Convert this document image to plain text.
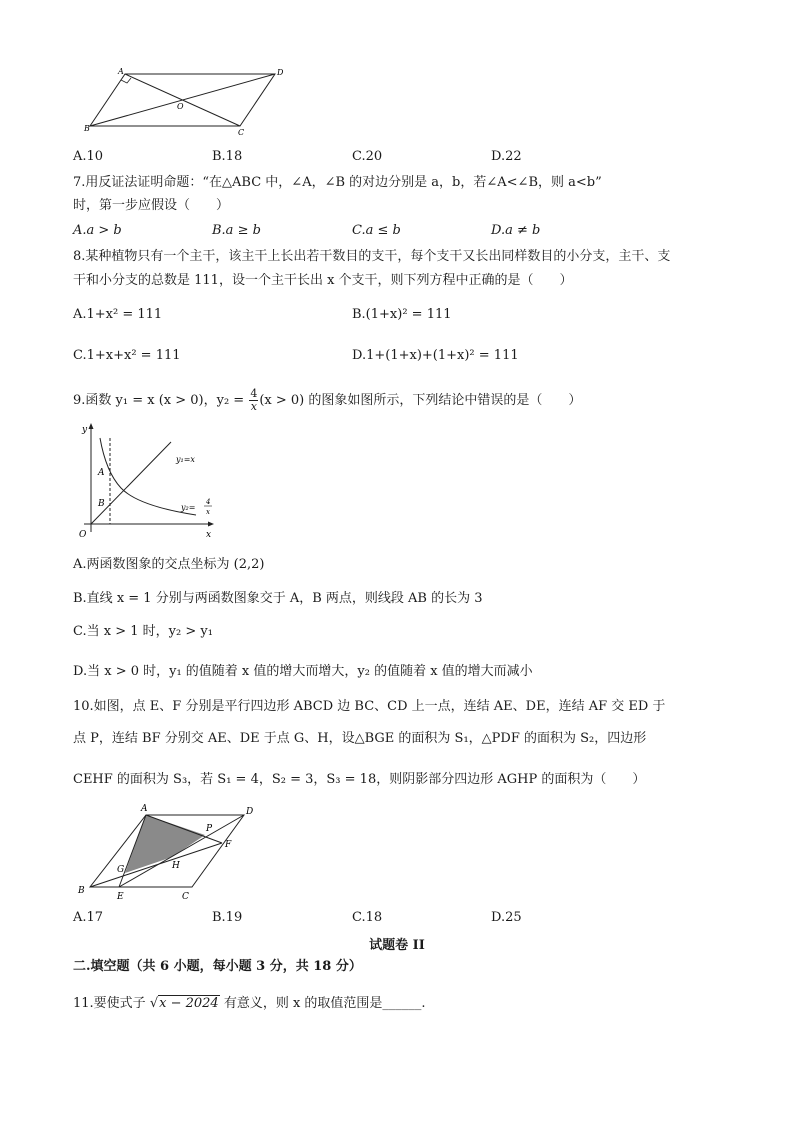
A	D
O
B	C
A.10	B.18	C.20	D.22
7.用反证法证明命题：“在△ABC 中，∠A，∠B 的对边分别是 a，b，若∠A<∠B，则 a<b”
时，第一步应假设（　　）
A.a > b	B.a ≥ b	C.a ≤ b	D.a ≠ b
8.某种植物只有一个主干，该主干上长出若干数目的支干，每个支干又长出同样数目的小分支，主干、支
干和小分支的总数是 111，设一个主干长出 x 个支干，则下列方程中正确的是（　　）
A.1+x² = 111	B.(1+x)² = 111
C.1+x+x² = 111	D.1+(1+x)+(1+x)² = 111
9.函数 y₁ = x (x > 0)，$y_2 = \frac{4}{x} (x > 0)$ 的图象如图所示，下列结论中错误的是（　　）
y
x
O
A
B
y₁=x
y₂=
4
x
A.两函数图象的交点坐标为 (2,2)
B.直线 x = 1 分别与两函数图象交于 A，B 两点，则线段 AB 的长为 3
C.当 x > 1 时，y₂ > y₁
D.当 x > 0 时，y₁ 的值随着 x 值的增大而增大，y₂ 的值随着 x 值的增大而减小
10.如图，点 E、F 分别是平行四边形 ABCD 边 BC、CD 上一点，连结 AE、DE，连结 AF 交 ED 于
点 P，连结 BF 分别交 AE、DE 于点 G、H，设△BGE 的面积为 S₁，△PDF 的面积为 S₂，四边形
CEHF 的面积为 S₃，若 S₁ = 4，S₂ = 3，S₃ = 18，则阴影部分四边形 AGHP 的面积为（　　）
A	D
P
F
G	H
B
E	C
A.17	B.19	C.18	D.25
试题卷 II
二.填空题（共 6 小题，每小题 3 分，共 18 分）
11.要使式子 √x − 2024 有意义，则 x 的取值范围是______.
